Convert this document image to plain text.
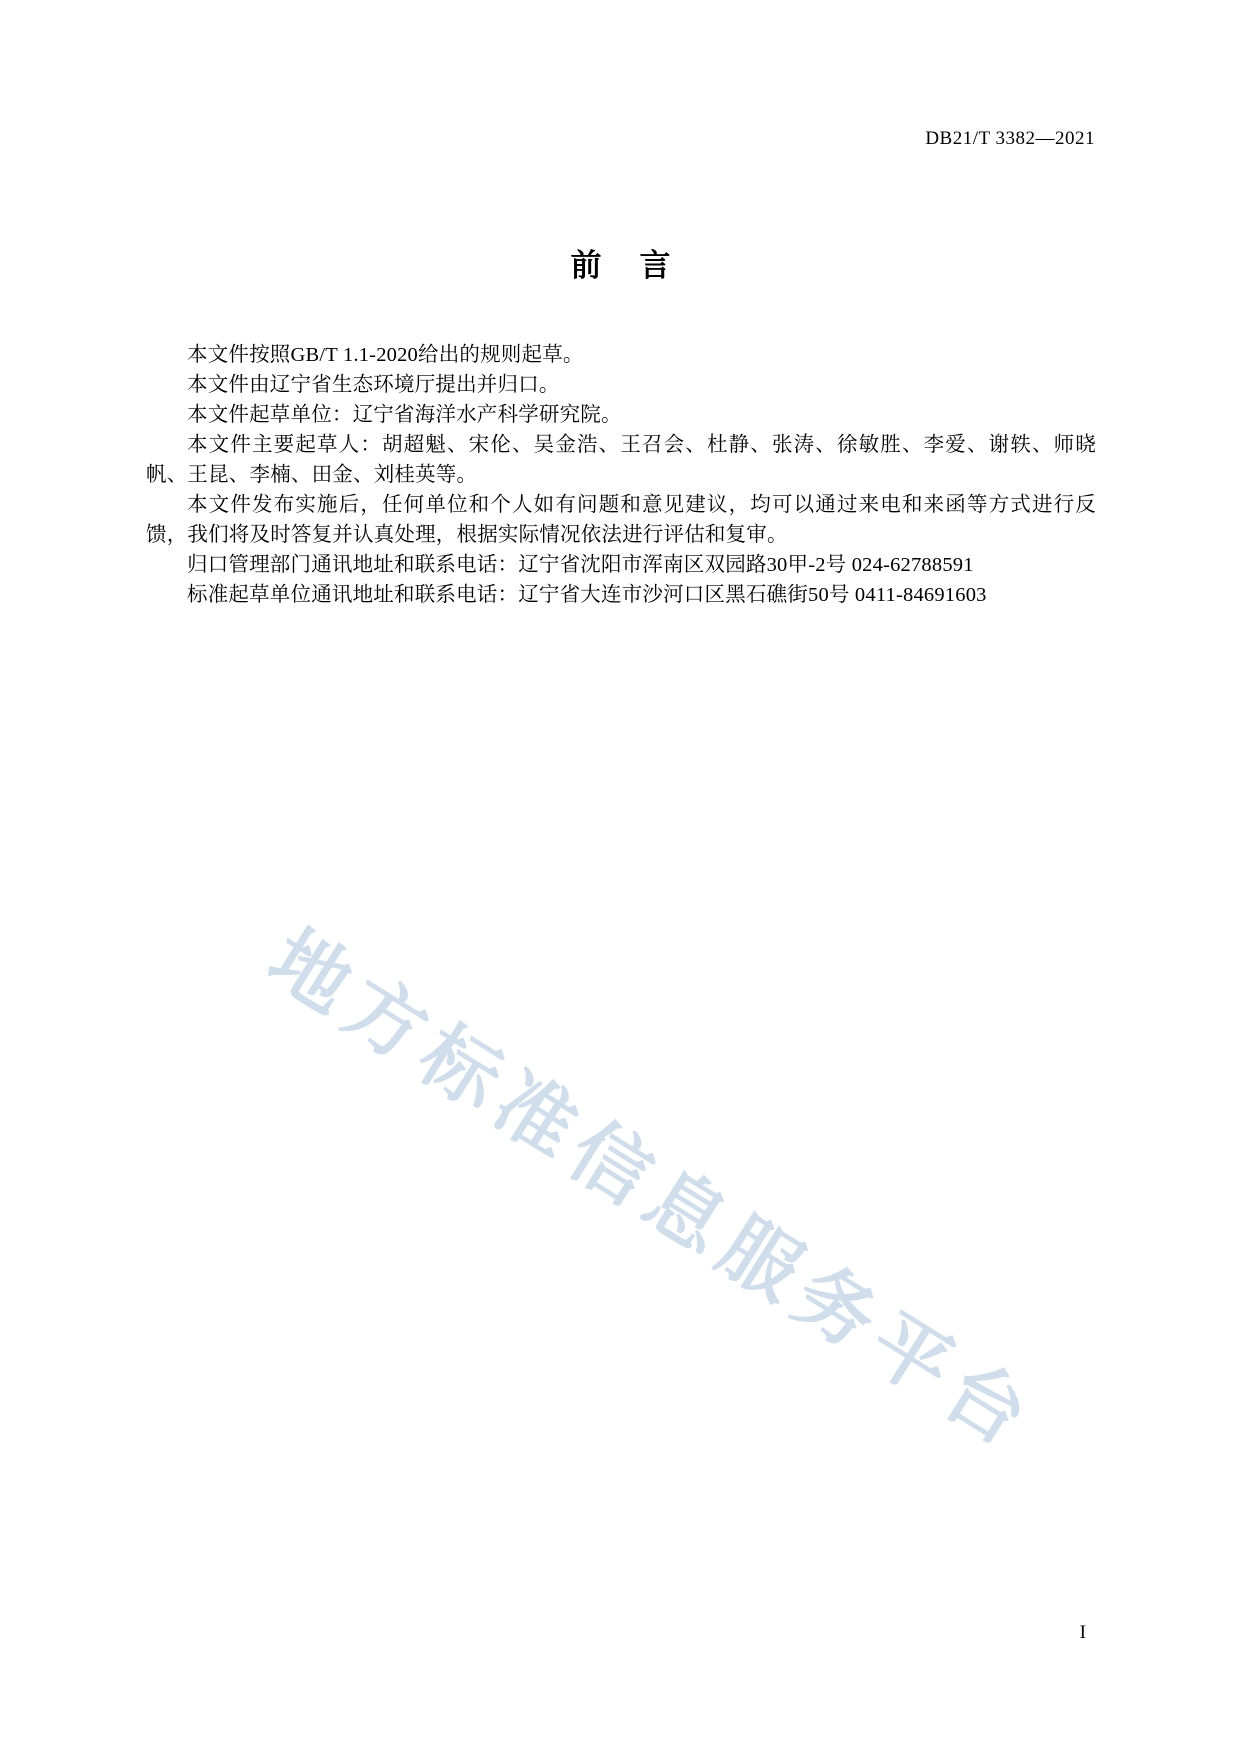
DB21/T 3382—2021
前言

本文件按照GB/T 1.1-2020给出的规则起草。

本文件由辽宁省生态环境厅提出并归口。

本文件起草单位：辽宁省海洋水产科学研究院。

本文件主要起草人：胡超魁、宋伦、吴金浩、王召会、杜静、张涛、徐敏胜、李爱、谢轶、师晓帆、王昆、李楠、田金、刘桂英等。

本文件发布实施后，任何单位和个人如有问题和意见建议，均可以通过来电和来函等方式进行反馈，我们将及时答复并认真处理，根据实际情况依法进行评估和复审。

归口管理部门通讯地址和联系电话：辽宁省沈阳市浑南区双园路30甲-2号 024-62788591

标准起草单位通讯地址和联系电话：辽宁省大连市沙河口区黑石礁街50号 0411-84691603

地
方
标
准
信
息
服
务
平
台
I
